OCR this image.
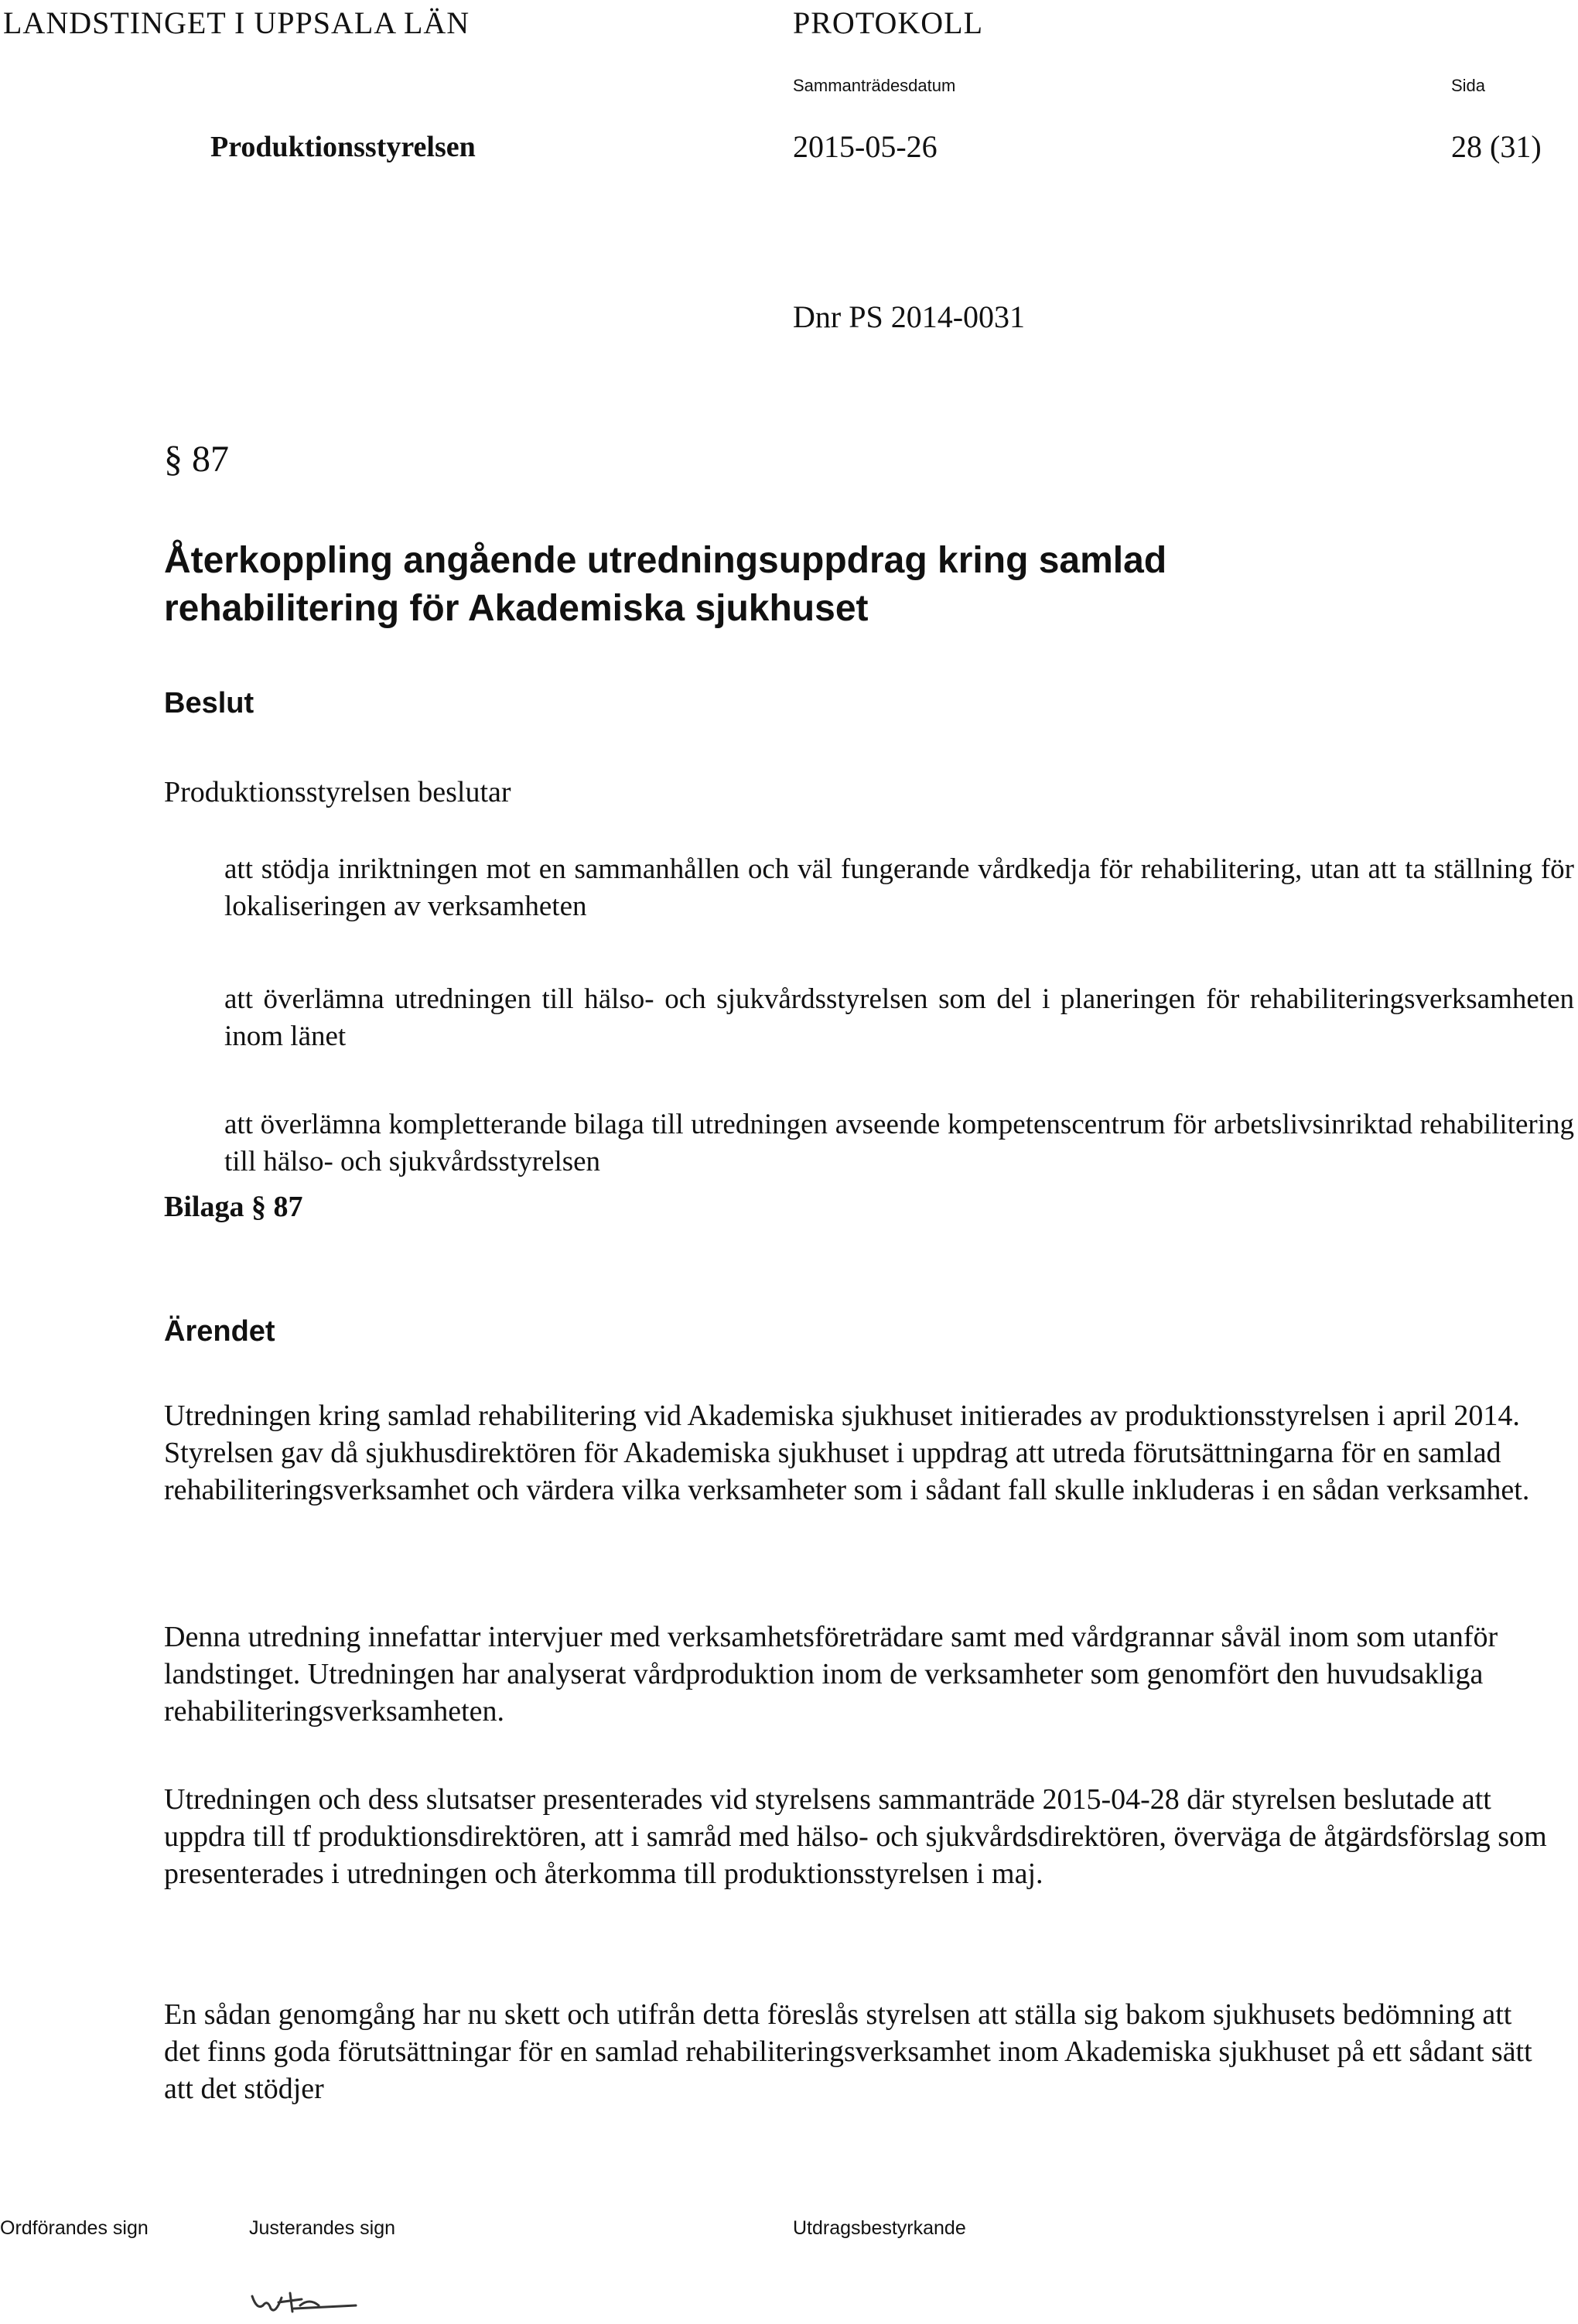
LANDSTINGET I UPPSALA LÄN	PROTOKOLL
Sammanträdesdatum	Sida
Produktionsstyrelsen	2015-05-26	28 (31)
Dnr PS 2014-0031
§ 87
Återkoppling angående utredningsuppdrag kring samlad rehabilitering för Akademiska sjukhuset
Beslut
Produktionsstyrelsen beslutar
att stödja inriktningen mot en sammanhållen och väl fungerande vårdkedja för rehabilitering, utan att ta ställning för lokaliseringen av verksamheten
att överlämna utredningen till hälso- och sjukvårdsstyrelsen som del i planeringen för rehabiliteringsverksamheten inom länet
att överlämna kompletterande bilaga till utredningen avseende kompetenscentrum för arbetslivsinriktad rehabilitering till hälso- och sjukvårdsstyrelsen
Bilaga § 87
Ärendet
Utredningen kring samlad rehabilitering vid Akademiska sjukhuset initierades av produktionsstyrelsen i april 2014. Styrelsen gav då sjukhusdirektören för Akademiska sjukhuset i uppdrag att utreda förutsättningarna för en samlad rehabiliteringsverksamhet och värdera vilka verksamheter som i sådant fall skulle inkluderas i en sådan verksamhet.
Denna utredning innefattar intervjuer med verksamhetsföreträdare samt med vårdgrannar såväl inom som utanför landstinget. Utredningen har analyserat vårdproduktion inom de verksamheter som genomfört den huvudsakliga rehabiliteringsverksamheten.
Utredningen och dess slutsatser presenterades vid styrelsens sammanträde 2015-04-28 där styrelsen beslutade att uppdra till tf produktionsdirektören, att i samråd med hälso- och sjukvårdsdirektören, överväga de åtgärdsförslag som presenterades i utredningen och återkomma till produktionsstyrelsen i maj.
En sådan genomgång har nu skett och utifrån detta föreslås styrelsen att ställa sig bakom sjukhusets bedömning att det finns goda förutsättningar för en samlad rehabiliteringsverksamhet inom Akademiska sjukhuset på ett sådant sätt att det stödjer
Ordförandes sign	Justerandes sign	Utdragsbestyrkande
